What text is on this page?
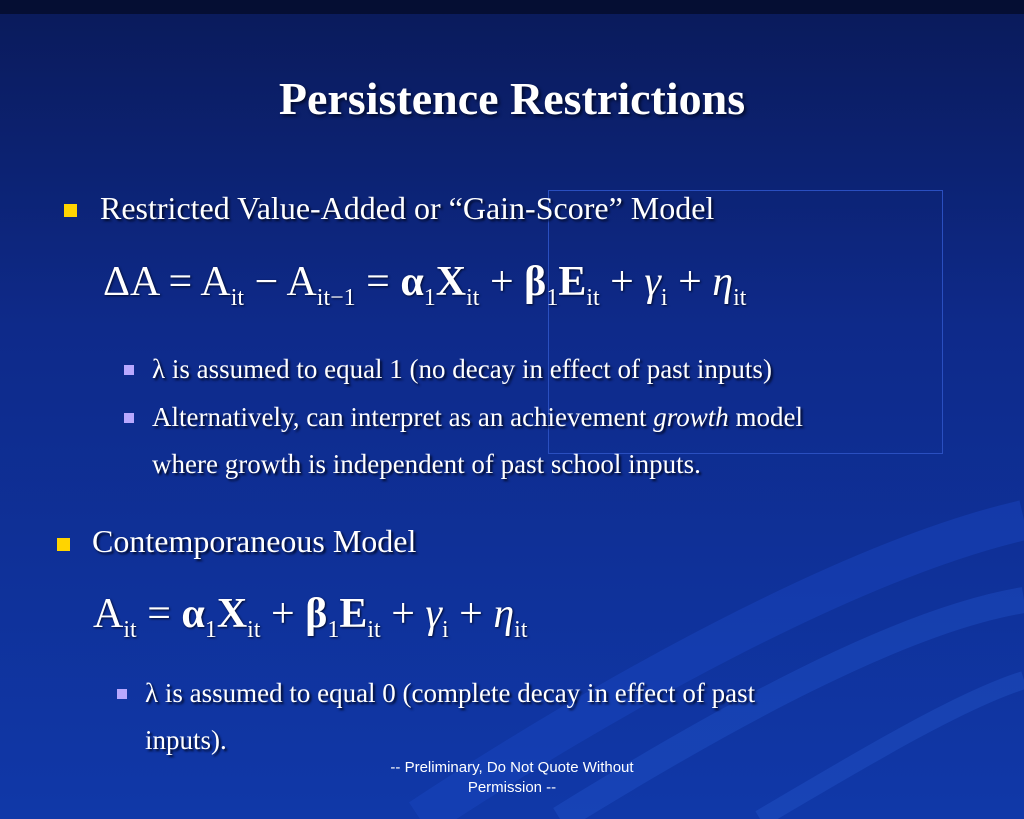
Persistence Restrictions
Restricted Value-Added or “Gain-Score” Model
$\Delta A = A_{it} - A_{it-1} = \alpha_1X_{it} + \beta_1E_{it} + \gamma_i + \eta_{it}$
λ is assumed to equal 1 (no decay in effect of past inputs)
Alternatively, can interpret as an achievement growth model
where growth is independent of past school inputs.
Contemporaneous Model
$A_{it} = \alpha_1X_{it} + \beta_1E_{it} + \gamma_i + \eta_{it}$
λ is assumed to equal 0 (complete decay in effect of past
inputs).
-- Preliminary, Do Not Quote Without
Permission --
